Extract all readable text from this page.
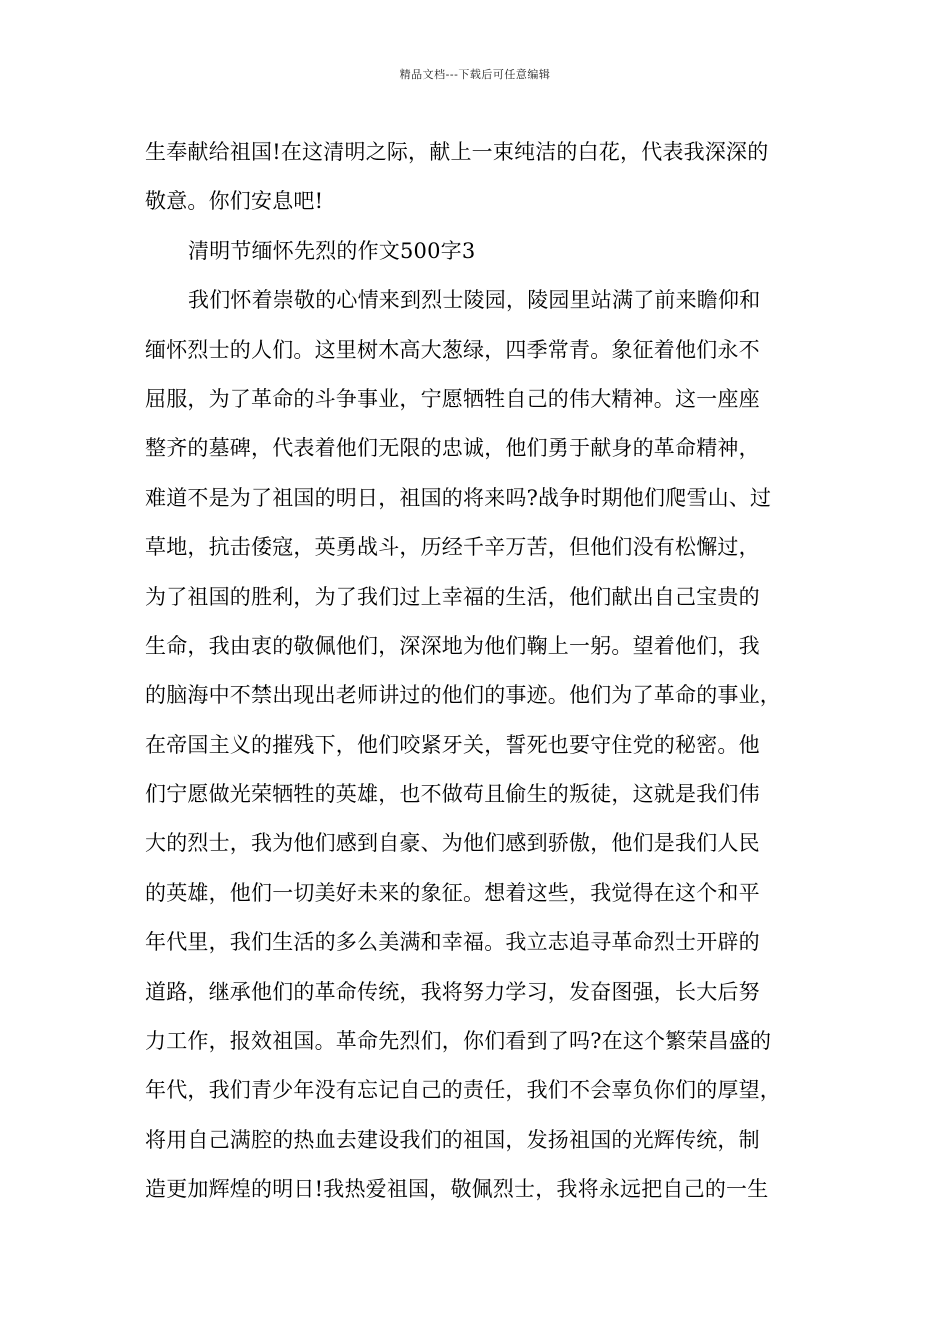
精品文档---下载后可任意编辑
生奉献给祖国!在这清明之际，献上一束纯洁的白花，代表我深深的
敬意。你们安息吧!
清明节缅怀先烈的作文500字3
我们怀着崇敬的心情来到烈士陵园，陵园里站满了前来瞻仰和
缅怀烈士的人们。这里树木高大葱绿，四季常青。象征着他们永不
屈服，为了革命的斗争事业，宁愿牺牲自己的伟大精神。这一座座
整齐的墓碑，代表着他们无限的忠诚，他们勇于献身的革命精神，
难道不是为了祖国的明日，祖国的将来吗?战争时期他们爬雪山、过
草地，抗击倭寇，英勇战斗，历经千辛万苦，但他们没有松懈过，
为了祖国的胜利，为了我们过上幸福的生活，他们献出自己宝贵的
生命，我由衷的敬佩他们，深深地为他们鞠上一躬。望着他们，我
的脑海中不禁出现出老师讲过的他们的事迹。他们为了革命的事业，
在帝国主义的摧残下，他们咬紧牙关，誓死也要守住党的秘密。他
们宁愿做光荣牺牲的英雄，也不做苟且偷生的叛徒，这就是我们伟
大的烈士，我为他们感到自豪、为他们感到骄傲，他们是我们人民
的英雄，他们一切美好未来的象征。想着这些，我觉得在这个和平
年代里，我们生活的多么美满和幸福。我立志追寻革命烈士开辟的
道路，继承他们的革命传统，我将努力学习，发奋图强，长大后努
力工作，报效祖国。革命先烈们，你们看到了吗?在这个繁荣昌盛的
年代，我们青少年没有忘记自己的责任，我们不会辜负你们的厚望，
将用自己满腔的热血去建设我们的祖国，发扬祖国的光辉传统，制
造更加辉煌的明日!我热爱祖国，敬佩烈士，我将永远把自己的一生
